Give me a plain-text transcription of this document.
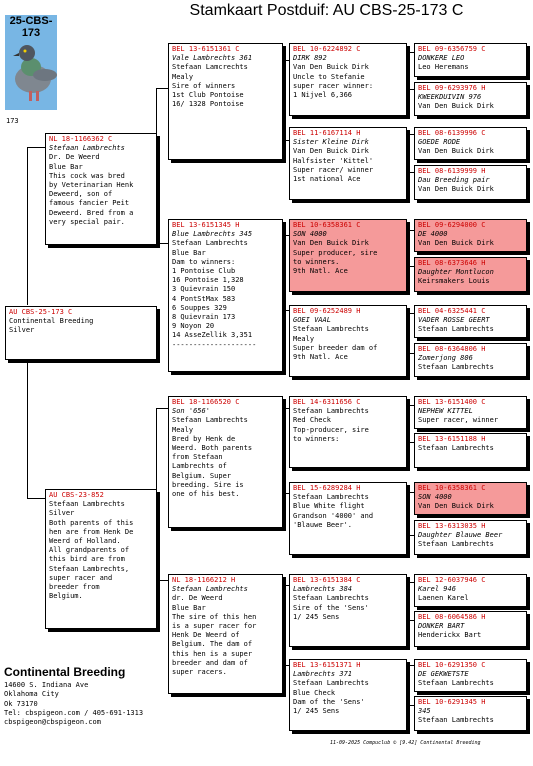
Stamkaart Postduif: AU CBS-25-173 C
25-CBS-173
173
AU CBS-25-173 C
Continental Breeding
Silver
NL 18-1166362 C
Stefaan Lambrechts
Dr. De Weerd
Blue Bar
This cock was bred
by Veterinarian Henk
Deweerd, son of
famous fancier Peit
Deweerd. Bred from a
very special pair.
AU CBS-23-852
Stefaan Lambrechts
Silver
Both parents of this
hen are from Henk De
Weerd of Holland.
All grandparents of
this bird are from
Stefaan Lambrechts,
super racer and
breeder from
Belgium.
BEL 13-6151361 C
Vale Lambrechts 361
Stefaan Lamcrechts
Mealy
Sire of winners
1st Club Pontoise
16/ 1328 Pontoise
BEL 13-6151345 H
Blue Lambrechts 345
Stefaan Lambrechts
Blue Bar
Dam to winners:
1 Pontoise Club
16 Pontoise 1,328
3 Quievrain 150
4 PontStMax 583
6 Souppes 329
8 Quievrain 173
9 Noyon 20
14 AsseZellik 3,351
--------------------
BEL 18-1166520 C
Son '656'
Stefaan Lambrechts
Mealy
Bred by Henk de
Weerd. Both parents
from Stefaan
Lambrechts of
Belgium. Super
breeding. Sire is
one of his best.
NL 18-1166212 H
Stefaan Lambrechts
dr. De Weerd
Blue Bar
The sire of this hen
is a super racer for
Henk De Weerd of
Belgium. The dam of
this hen is a super
breeder and dam of
super racers.
BEL 10-6224892 C
DIRK 892
Van Den Buick Dirk
Uncle to Stefanie
super racer winner:
1 Nijvel 6,366
BEL 11-6167114 H
Sister Kleine Dirk
Van Den Buick Dirk
Halfsister 'Kittel'
Super racer/ winner
1st national Ace
BEL 10-6358361 C
SON 4000
Van Den Buick Dirk
Super producer, sire
to winners.
9th Natl. Ace
BEL 09-6252489 H
GOEI VAAL
Stefaan Lambrechts
Mealy
Super breeder dam of
9th Natl. Ace
BEL 14-6311656 C
Stefaan Lambrechts
Red Check
Top-producer, sire
to winners:
BEL 15-6289284 H
Stefaan Lambrechts
Blue White flight
Grandson '4000' and
'Blauwe Beer'.
BEL 13-6151384 C
Lambrechts 384
Stefaan Lambrechts
Sire of the 'Sens'
1/ 245 Sens
BEL 13-6151371 H
Lambrechts 371
Stefaan Lambrechts
Blue Check
Dam of the 'Sens'
1/ 245 Sens
BEL 09-6356759 C
DONKERE LEO
Leo Heremans
BEL 09-6293976 H
KWEEKDUIVIN 976
Van Den Buick Dirk
BEL 08-6139996 C
GOEDE RODE
Van Den Buick Dirk
BEL 08-6139999 H
Dau Breeding pair
Van Den Buick Dirk
BEL 09-6294000 C
DE 4000
Van Den Buick Dirk
BEL 08-6373646 H
Daughter Montlucon
Keirsmakers Louis
BEL 04-6325441 C
VADER ROSSE GEERT
Stefaan Lambrechts
BEL 08-6364806 H
Zomerjong 806
Stefaan Lambrechts
BEL 13-6151400 C
NEPHEW KITTEL
Super racer, winner
BEL 13-6151188 H
Stefaan Lambrechts
BEL 10-6358361 C
SON 4000
Van Den Buick Dirk
BEL 13-6313035 H
Daughter Blauwe Beer
Stefaan Lambrechts
BEL 12-6037946 C
Karel 946
Laenen Karel
BEL 08-6064586 H
DONKER BART
Henderickx Bart
BEL 10-6291350 C
DE GEKWETSTE
Stefaan Lambrechts
BEL 10-6291345 H
345
Stefaan Lambrechts
Continental Breeding
14600 S. Indiana Ave
Oklahoma City
Ok 73170
Tel: cbspigeon.com / 405-691-1313
cbspigeon@cbspigeon.com
11-09-2025 Compuclub © [9.42] Continental Breeding
